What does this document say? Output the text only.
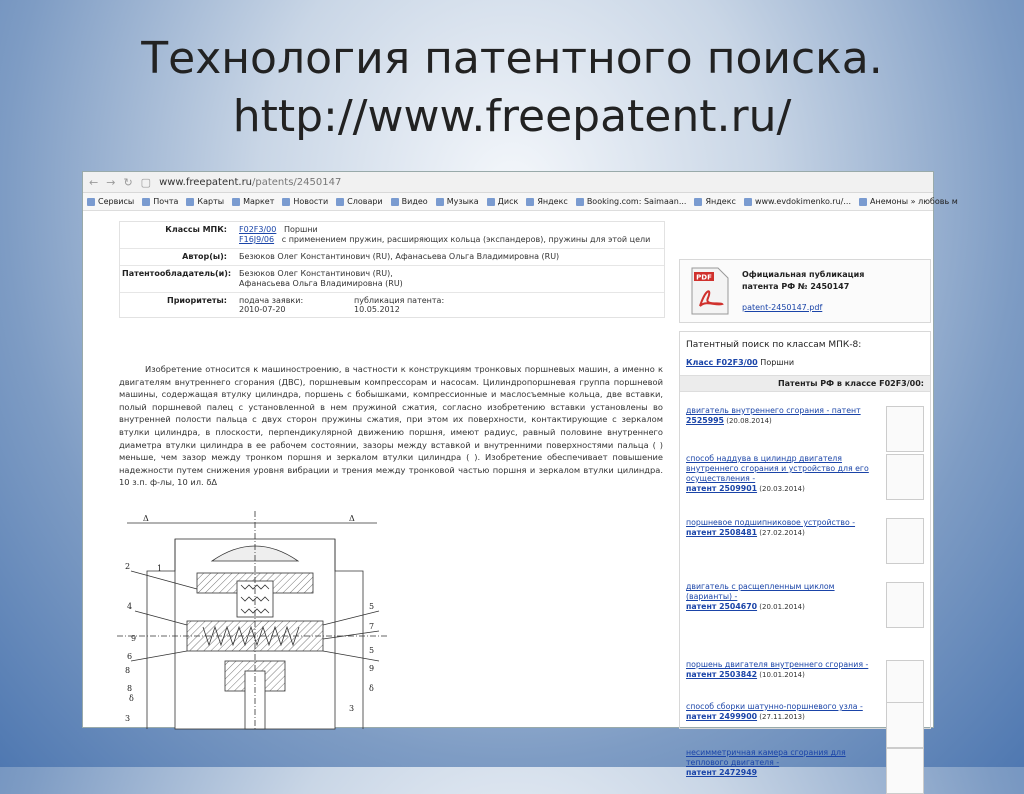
Технология патентного поиска.
http://www.freepatent.ru/
← → ↻ ▢ www.freepatent.ru/patents/2450147
Сервисы Почта Карты Маркет Новости Словари Видео Музыка Диск Яндекс Booking.com: Saimaan... Яндекс www.evdokimenko.ru/... Анемоны » любовь м
Классы МПК:	F02F3/00 Поршни
F16J9/06 с применением пружин, расширяющих кольца (экспандеров), пружины для этой цели
Автор(ы):	Безюков Олег Константинович (RU), Афанасьева Ольга Владимировна (RU)
Патентообладатель(и): Безюков Олег Константинович (RU),
Афанасьева Ольга Владимировна (RU)
Приоритеты:	подача заявки:
2010-07-20
публикация патента:
10.05.2012
Изобретение относится к машиностроению, в частности к конструкциям тронковых поршневых машин, а именно к двигателям внутреннего сгорания (ДВС), поршневым компрессорам и насосам. Цилиндропоршневая группа поршневой машины, содержащая втулку цилиндра, поршень с бобышками, компрессионные и маслосъемные кольца, две вставки, полый поршневой палец с установленной в нем пружиной сжатия, согласно изобретению вставки установлены во внутренней полости пальца с двух сторон пружины сжатия, при этом их поверхности, контактирующие с зеркалом втулки цилиндра, в плоскости, перпендикулярной движению поршня, имеют радиус, равный половине внутреннего диаметра втулки цилиндра в ее рабочем состоянии, зазоры между вставкой и внутренними поверхностями пальца ( ) меньше, чем зазор между тронком поршня и зеркалом втулки цилиндра ( ). Изобретение обеспечивает повышение надежности путем снижения уровня вибрации и трения между тронковой частью поршня и зеркалом втулки цилиндра. 10 з.п. ф-лы, 10 ил. δΔ
Δ	Δ
1
2
4
6
5
7
5
9
8
8
9
δ
δ
3
3
PDF	Официальная публикация
патента РФ № 2450147
patent-2450147.pdf
Патентный поиск по классам МПК-8:
Класс F02F3/00 Поршни
Патенты РФ в классе F02F3/00:
двигатель внутреннего сгорания - патент
2525995 (20.08.2014)
способ наддува в цилиндр двигателя внутреннего сгорания и устройство для его осуществления -
патент 2509901 (20.03.2014)
поршневое подшипниковое устройство -
патент 2508481 (27.02.2014)
двигатель с расщепленным циклом (варианты) -
патент 2504670 (20.01.2014)
поршень двигателя внутреннего сгорания -
патент 2503842 (10.01.2014)
способ сборки шатунно-поршневого узла -
патент 2499900 (27.11.2013)
несимметричная камера сгорания для теплового двигателя -
патент 2472949
